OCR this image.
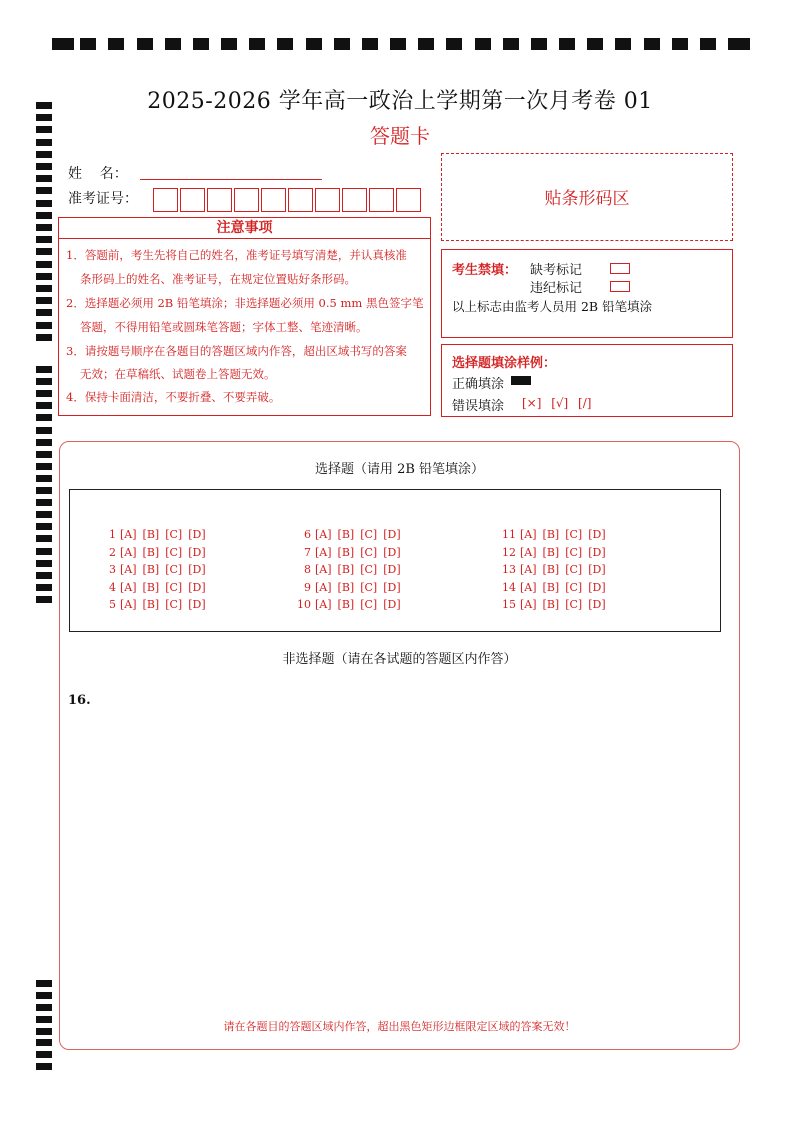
2025-2026 学年高一政治上学期第一次月考卷 01
答题卡
姓    名：
准考证号：	贴条形码区
注意事项
1．答题前，考生先将自己的姓名，准考证号填写清楚，并认真核准
条形码上的姓名、准考证号，在规定位置贴好条形码。
2．选择题必须用 2B 铅笔填涂；非选择题必须用 0.5 mm 黑色签字笔
答题，不得用铅笔或圆珠笔答题；字体工整、笔迹清晰。
3．请按题号顺序在各题目的答题区域内作答，超出区域书写的答案
无效；在草稿纸、试题卷上答题无效。
4．保持卡面清洁，不要折叠、不要弄破。
考生禁填： 缺考标记
违纪标记
以上标志由监考人员用 2B 铅笔填涂
选择题填涂样例：
正确填涂
错误填涂 [×] [√] [/]
选择题（请用 2B 铅笔填涂）
1 [A] [B] [C] [D]
2 [A] [B] [C] [D]
3 [A] [B] [C] [D]
4 [A] [B] [C] [D]
5 [A] [B] [C] [D]
6 [A] [B] [C] [D]
7 [A] [B] [C] [D]
8 [A] [B] [C] [D]
9 [A] [B] [C] [D]
10 [A] [B] [C] [D]
11 [A] [B] [C] [D]
12 [A] [B] [C] [D]
13 [A] [B] [C] [D]
14 [A] [B] [C] [D]
15 [A] [B] [C] [D]
非选择题（请在各试题的答题区内作答）
16.
请在各题目的答题区域内作答，超出黑色矩形边框限定区域的答案无效！
